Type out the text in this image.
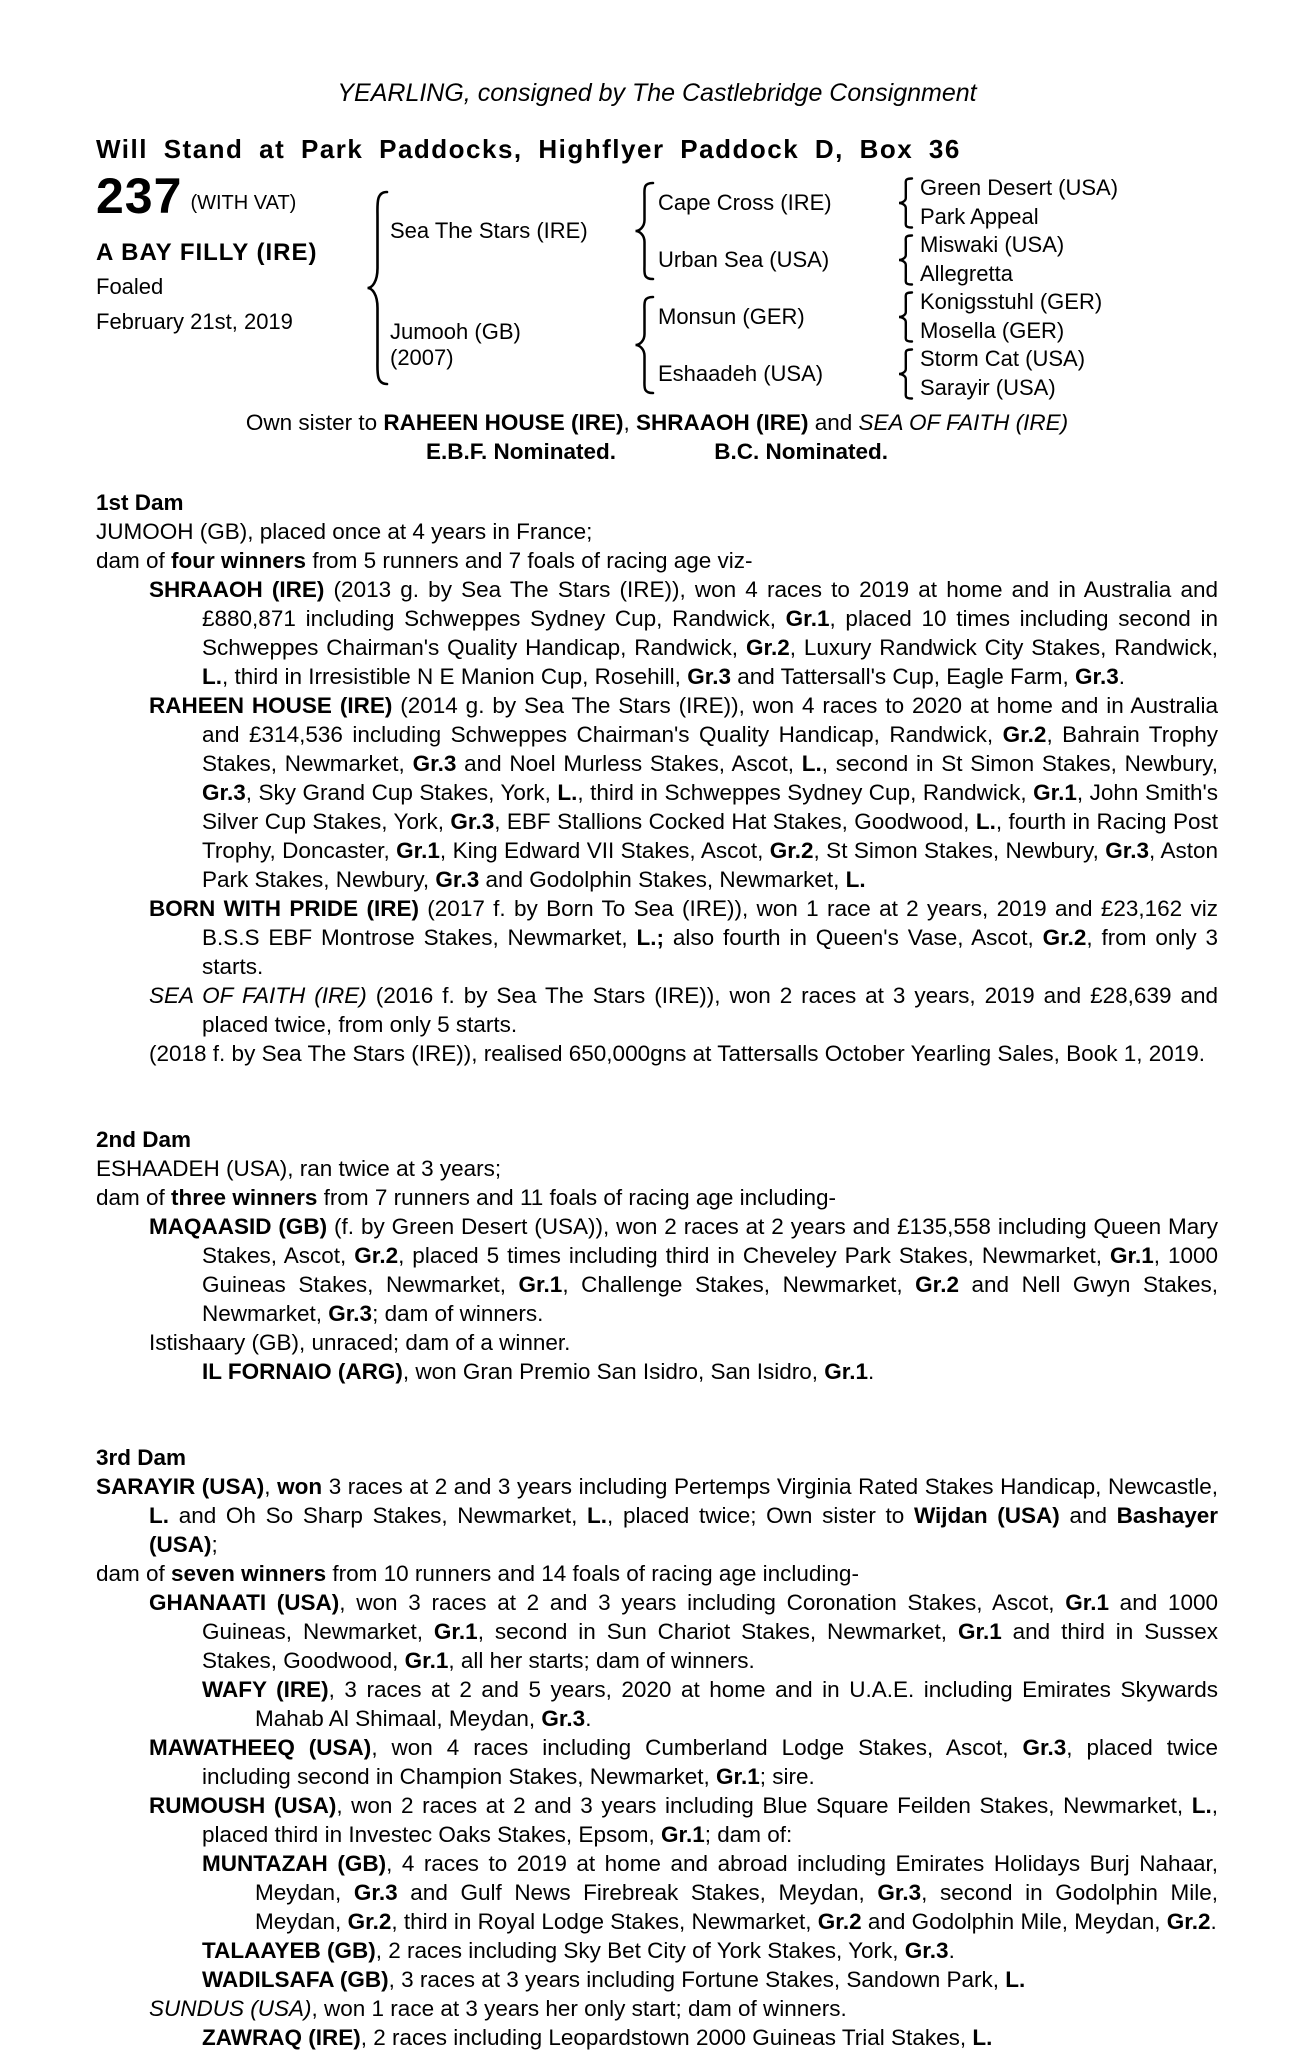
YEARLING, consigned by The Castlebridge Consignment
Will Stand at Park Paddocks, Highflyer Paddock D, Box 36
237 (WITH VAT)
A BAY FILLY (IRE)
Foaled
February 21st, 2019
Sea The Stars (IRE)
Jumooh (GB)
(2007)
Cape Cross (IRE)
Urban Sea (USA)
Monsun (GER)
Eshaadeh (USA)
Green Desert (USA)
Park Appeal
Miswaki (USA)
Allegretta
Konigsstuhl (GER)
Mosella (GER)
Storm Cat (USA)
Sarayir (USA)
Own sister to RAHEEN HOUSE (IRE), SHRAAOH (IRE) and SEA OF FAITH (IRE)
E.B.F. Nominated.	B.C. Nominated.
1st Dam

JUMOOH (GB), placed once at 4 years in France;

dam of four winners from 5 runners and 7 foals of racing age viz-

SHRAAOH (IRE) (2013 g. by Sea The Stars (IRE)), won 4 races to 2019 at home and in Australia and £880,871 including Schweppes Sydney Cup, Randwick, Gr.1, placed 10 times including second in Schweppes Chairman's Quality Handicap, Randwick, Gr.2, Luxury Randwick City Stakes, Randwick, L., third in Irresistible N E Manion Cup, Rosehill, Gr.3 and Tattersall's Cup, Eagle Farm, Gr.3.

RAHEEN HOUSE (IRE) (2014 g. by Sea The Stars (IRE)), won 4 races to 2020 at home and in Australia and £314,536 including Schweppes Chairman's Quality Handicap, Randwick, Gr.2, Bahrain Trophy Stakes, Newmarket, Gr.3 and Noel Murless Stakes, Ascot, L., second in St Simon Stakes, Newbury, Gr.3, Sky Grand Cup Stakes, York, L., third in Schweppes Sydney Cup, Randwick, Gr.1, John Smith's Silver Cup Stakes, York, Gr.3, EBF Stallions Cocked Hat Stakes, Goodwood, L., fourth in Racing Post Trophy, Doncaster, Gr.1, King Edward VII Stakes, Ascot, Gr.2, St Simon Stakes, Newbury, Gr.3, Aston Park Stakes, Newbury, Gr.3 and Godolphin Stakes, Newmarket, L.

BORN WITH PRIDE (IRE) (2017 f. by Born To Sea (IRE)), won 1 race at 2 years, 2019 and £23,162 viz B.S.S EBF Montrose Stakes, Newmarket, L.; also fourth in Queen's Vase, Ascot, Gr.2, from only 3 starts.

SEA OF FAITH (IRE) (2016 f. by Sea The Stars (IRE)), won 2 races at 3 years, 2019 and £28,639 and placed twice, from only 5 starts.

(2018 f. by Sea The Stars (IRE)), realised 650,000gns at Tattersalls October Yearling Sales, Book 1, 2019.

2nd Dam

ESHAADEH (USA), ran twice at 3 years;

dam of three winners from 7 runners and 11 foals of racing age including-

MAQAASID (GB) (f. by Green Desert (USA)), won 2 races at 2 years and £135,558 including Queen Mary Stakes, Ascot, Gr.2, placed 5 times including third in Cheveley Park Stakes, Newmarket, Gr.1, 1000 Guineas Stakes, Newmarket, Gr.1, Challenge Stakes, Newmarket, Gr.2 and Nell Gwyn Stakes, Newmarket, Gr.3; dam of winners.

Istishaary (GB), unraced; dam of a winner.

IL FORNAIO (ARG), won Gran Premio San Isidro, San Isidro, Gr.1.

3rd Dam

SARAYIR (USA), won 3 races at 2 and 3 years including Pertemps Virginia Rated Stakes Handicap, Newcastle, L. and Oh So Sharp Stakes, Newmarket, L., placed twice; Own sister to Wijdan (USA) and Bashayer (USA);

dam of seven winners from 10 runners and 14 foals of racing age including-

GHANAATI (USA), won 3 races at 2 and 3 years including Coronation Stakes, Ascot, Gr.1 and 1000 Guineas, Newmarket, Gr.1, second in Sun Chariot Stakes, Newmarket, Gr.1 and third in Sussex Stakes, Goodwood, Gr.1, all her starts; dam of winners.

WAFY (IRE), 3 races at 2 and 5 years, 2020 at home and in U.A.E. including Emirates Skywards Mahab Al Shimaal, Meydan, Gr.3.

MAWATHEEQ (USA), won 4 races including Cumberland Lodge Stakes, Ascot, Gr.3, placed twice including second in Champion Stakes, Newmarket, Gr.1; sire.

RUMOUSH (USA), won 2 races at 2 and 3 years including Blue Square Feilden Stakes, Newmarket, L., placed third in Investec Oaks Stakes, Epsom, Gr.1; dam of:

MUNTAZAH (GB), 4 races to 2019 at home and abroad including Emirates Holidays Burj Nahaar, Meydan, Gr.3 and Gulf News Firebreak Stakes, Meydan, Gr.3, second in Godolphin Mile, Meydan, Gr.2, third in Royal Lodge Stakes, Newmarket, Gr.2 and Godolphin Mile, Meydan, Gr.2.

TALAAYEB (GB), 2 races including Sky Bet City of York Stakes, York, Gr.3.

WADILSAFA (GB), 3 races at 3 years including Fortune Stakes, Sandown Park, L.

SUNDUS (USA), won 1 race at 3 years her only start; dam of winners.

ZAWRAQ (IRE), 2 races including Leopardstown 2000 Guineas Trial Stakes, L.
